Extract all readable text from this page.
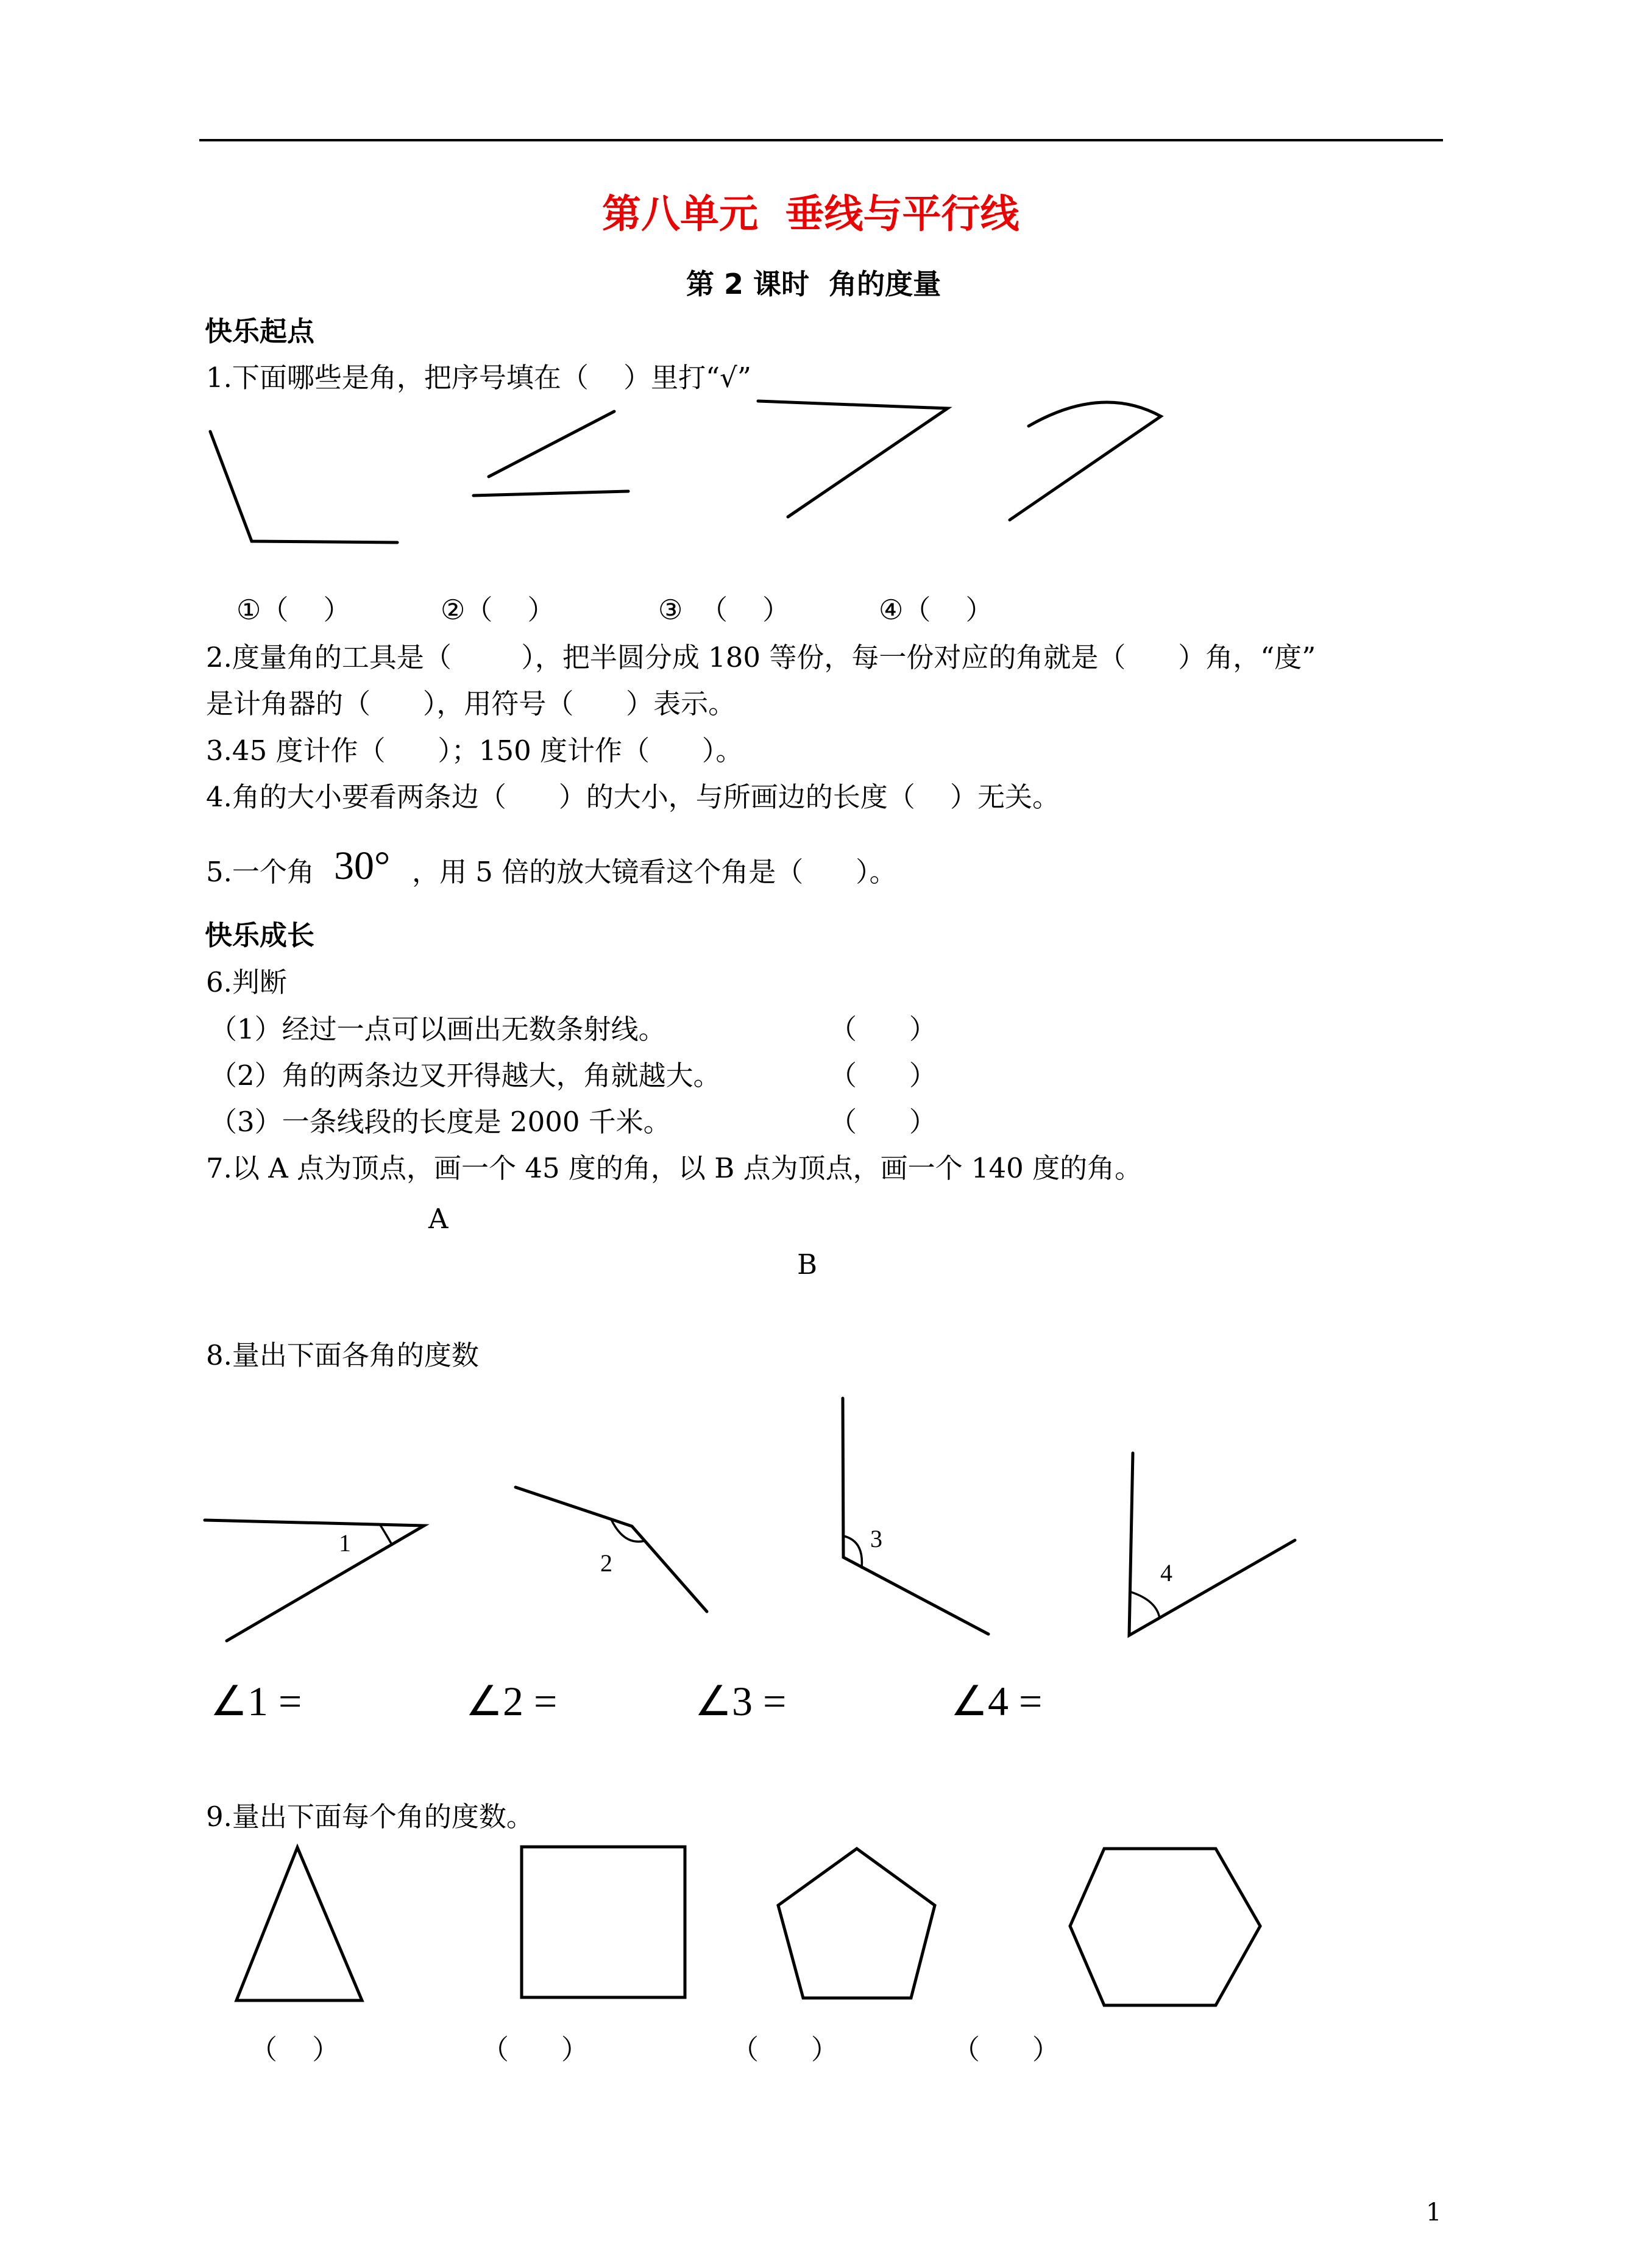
第八单元  垂线与平行线
第 2 课时  角的度量
快乐起点
1.下面哪些是角，把序号填在（    ）里打“√”
1
2
3
4
①（    ）	②（    ）	③  （    ）	④（    ）
2.度量角的工具是（        ），把半圆分成 180 等份，每一份对应的角就是（      ）角，“度”
是计角器的（      ），用符号（      ）表示。
3.45 度计作（      ）；150 度计作（      ）。
4.角的大小要看两条边（      ）的大小，与所画边的长度（    ）无关。
5.一个角 30° ，用 5 倍的放大镜看这个角是（      ）。
快乐成长
6.判断
（1）经过一点可以画出无数条射线。	（      ）
（2）角的两条边叉开得越大，角就越大。	（      ）
（3）一条线段的长度是 2000 千米。	（      ）
7.以 A 点为顶点，画一个 45 度的角，以 B 点为顶点，画一个 140 度的角。
A
B
8.量出下面各角的度数
∠1 =	∠2 =	∠3 =	∠4 =
9.量出下面每个角的度数。
（    ）	（      ）	（      ）	（      ）
1
